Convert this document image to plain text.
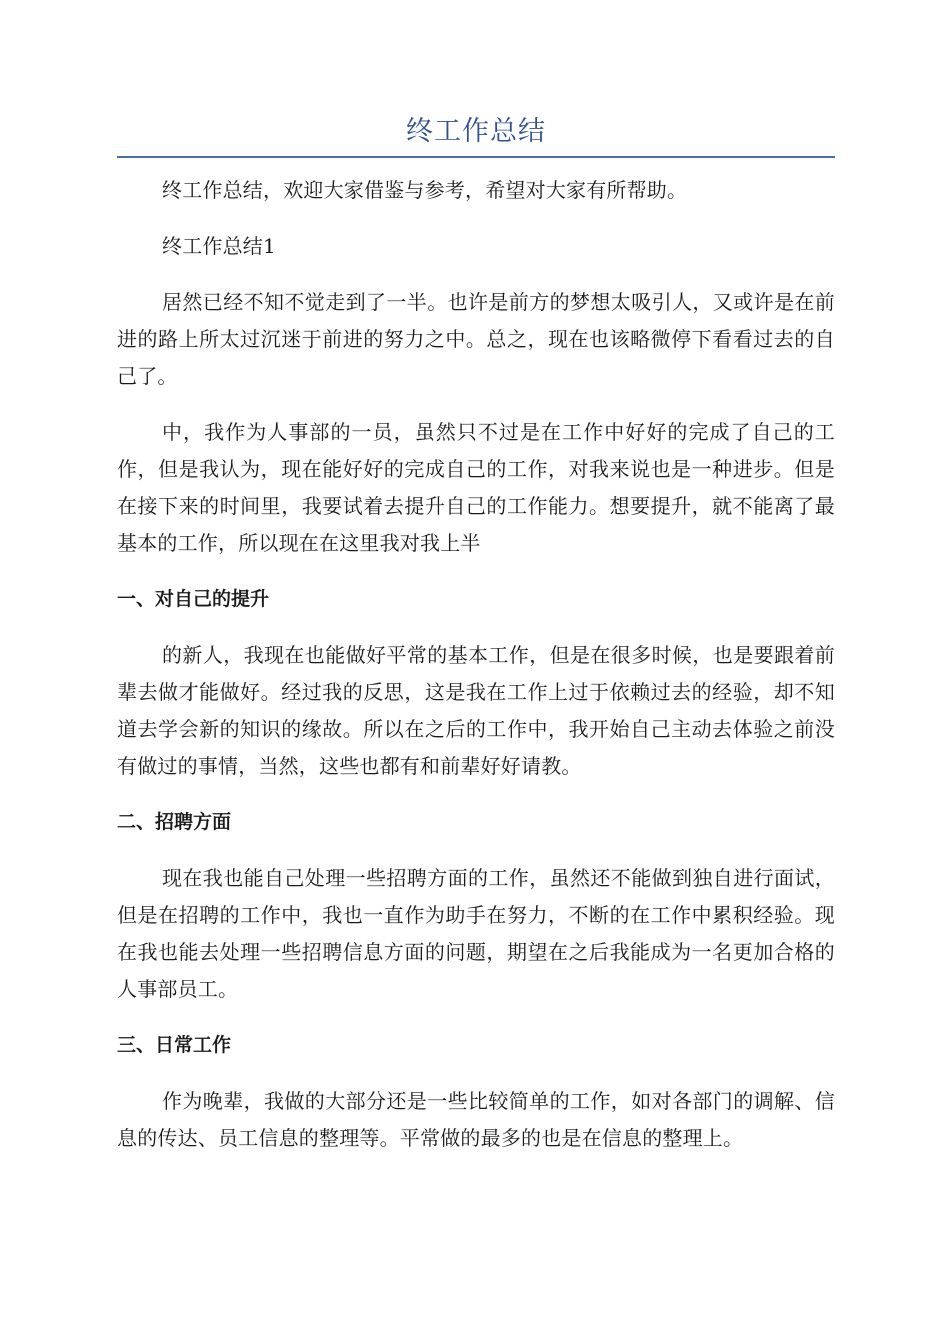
终工作总结

终工作总结，欢迎大家借鉴与参考，希望对大家有所帮助。

终工作总结1

居然已经不知不觉走到了一半。也许是前方的梦想太吸引人，又或许是在前进的路上所太过沉迷于前进的努力之中。总之，现在也该略微停下看看过去的自己了。

中，我作为人事部的一员，虽然只不过是在工作中好好的完成了自己的工作，但是我认为，现在能好好的完成自己的工作，对我来说也是一种进步。但是在接下来的时间里，我要试着去提升自己的工作能力。想要提升，就不能离了最基本的工作，所以现在在这里我对我上半

一、对自己的提升

的新人，我现在也能做好平常的基本工作，但是在很多时候，也是要跟着前辈去做才能做好。经过我的反思，这是我在工作上过于依赖过去的经验，却不知道去学会新的知识的缘故。所以在之后的工作中，我开始自己主动去体验之前没有做过的事情，当然，这些也都有和前辈好好请教。

二、招聘方面

现在我也能自己处理一些招聘方面的工作，虽然还不能做到独自进行面试，但是在招聘的工作中，我也一直作为助手在努力，不断的在工作中累积经验。现在我也能去处理一些招聘信息方面的问题，期望在之后我能成为一名更加合格的人事部员工。

三、日常工作

作为晚辈，我做的大部分还是一些比较简单的工作，如对各部门的调解、信息的传达、员工信息的整理等。平常做的最多的也是在信息的整理上。
